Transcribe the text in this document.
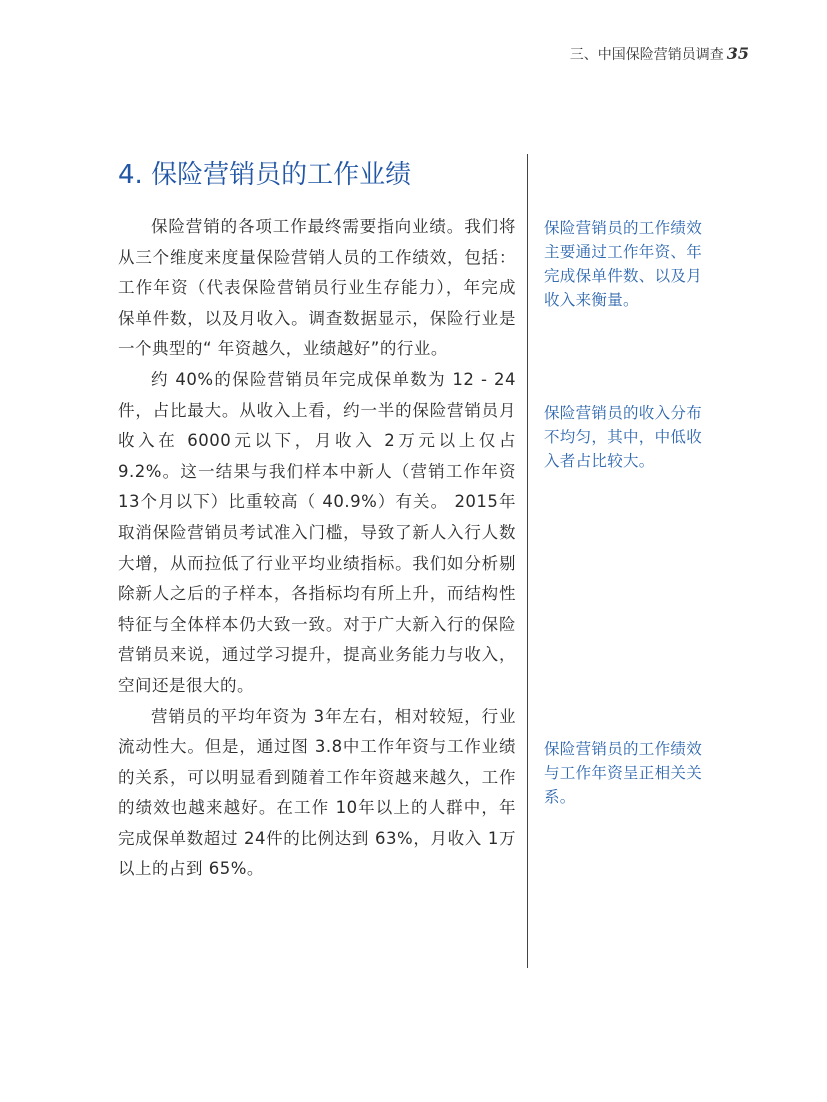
三、中国保险营销员调查 35
4. 保险营销员的工作业绩

保险营销的各项工作最终需要指向业绩。我们将从三个维度来度量保险营销人员的工作绩效，包括：工作年资（代表保险营销员行业生存能力），年完成保单件数，以及月收入。调查数据显示，保险行业是一个典型的“ 年资越久，业绩越好”的行业。

约 40%的保险营销员年完成保单数为 12 - 24 件，占比最大。从收入上看，约一半的保险营销员月收入在 6000元以下，月收入 2万元以上仅占 9.2%。这一结果与我们样本中新人（营销工作年资 13个月以下）比重较高（ 40.9%）有关。 2015年取消保险营销员考试准入门槛，导致了新人入行人数大增，从而拉低了行业平均业绩指标。我们如分析剔除新人之后的子样本，各指标均有所上升，而结构性特征与全体样本仍大致一致。对于广大新入行的保险营销员来说，通过学习提升，提高业务能力与收入，空间还是很大的。

营销员的平均年资为 3年左右，相对较短，行业流动性大。但是，通过图 3.8中工作年资与工作业绩的关系，可以明显看到随着工作年资越来越久，工作的绩效也越来越好。在工作 10年以上的人群中，年完成保单数超过 24件的比例达到 63%，月收入 1万以上的占到 65%。

保险营销员的工作绩效主要通过工作年资、年完成保单件数、以及月收入来衡量。

保险营销员的收入分布不均匀，其中，中低收入者占比较大。

保险营销员的工作绩效与工作年资呈正相关关系。
